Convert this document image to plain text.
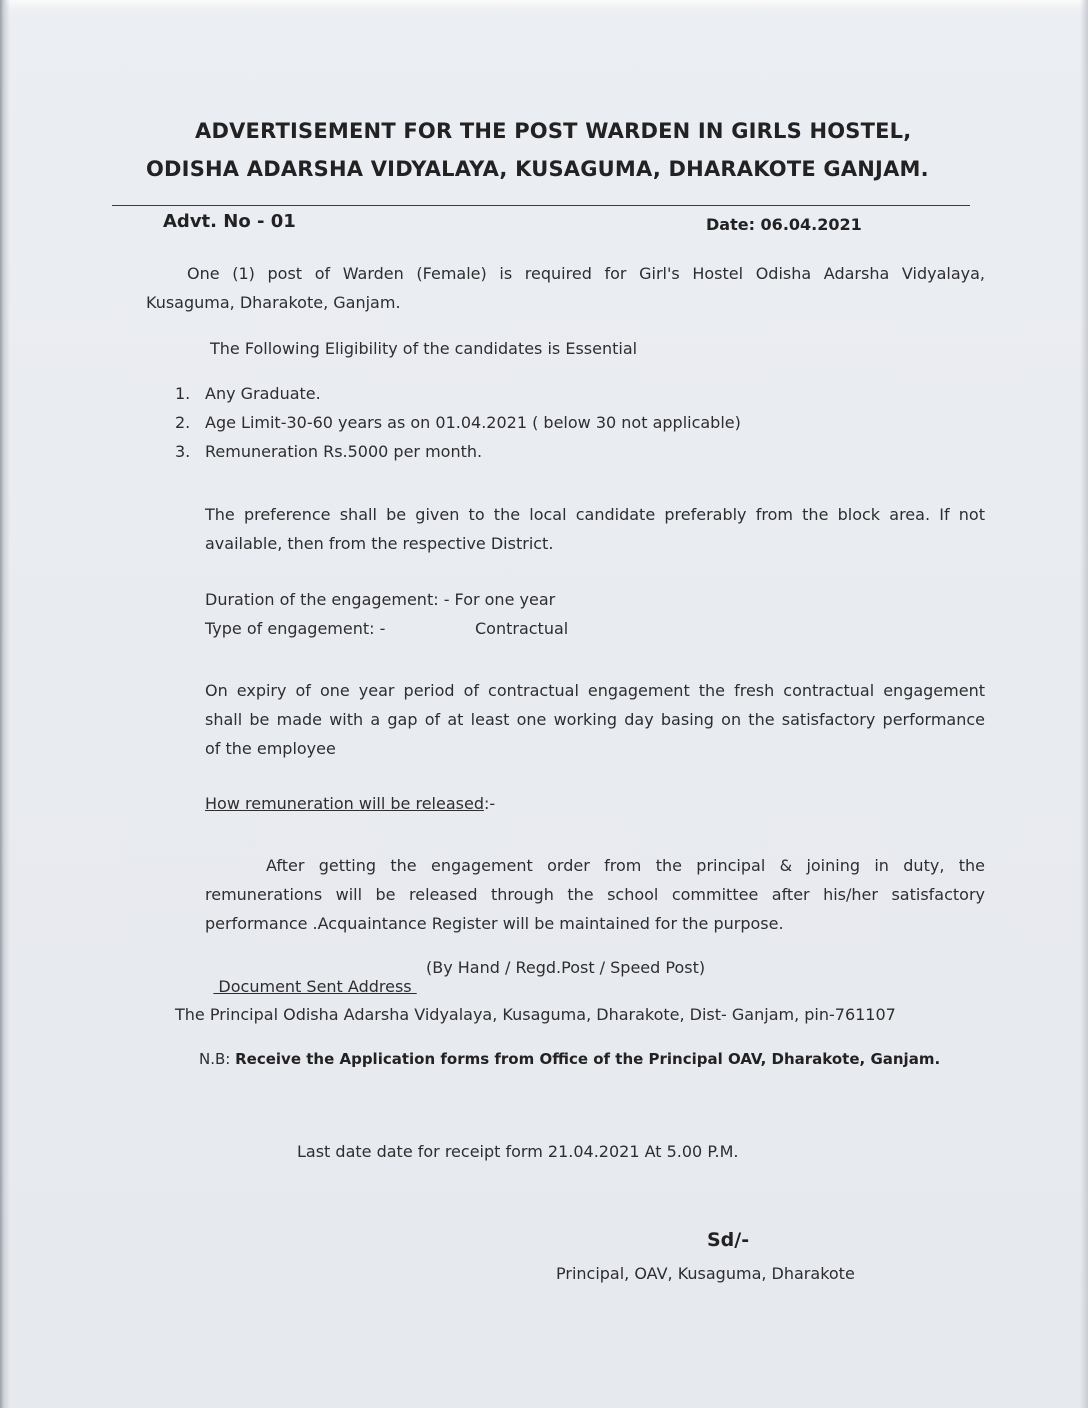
ADVERTISEMENT FOR THE POST WARDEN IN GIRLS HOSTEL,
ODISHA ADARSHA VIDYALAYA, KUSAGUMA, DHARAKOTE GANJAM.
Advt. No - 01	Date: 06.04.2021
One (1) post of Warden (Female) is required for Girl's Hostel Odisha Adarsha Vidyalaya,
Kusaguma, Dharakote, Ganjam.
The Following Eligibility of the candidates is Essential
1. Any Graduate.
2. Age Limit-30-60 years as on 01.04.2021 ( below 30 not applicable)
3. Remuneration Rs.5000 per month.
The preference shall be given to the local candidate preferably from the block area. If not
available, then from the respective District.
Duration of the engagement: - For one year
Type of engagement: -	Contractual
On expiry of one year period of contractual engagement the fresh contractual engagement
shall be made with a gap of at least one working day basing on the satisfactory performance
of the employee
How remuneration will be released:-
After getting the engagement order from the principal & joining in duty, the
remunerations will be released through the school committee after his/her satisfactory
performance .Acquaintance Register will be maintained for the purpose.

Document Sent Address

(By Hand / Regd.Post / Speed Post)
The Principal Odisha Adarsha Vidyalaya, Kusaguma, Dharakote, Dist- Ganjam, pin-761107
N.B: Receive the Application forms from Office of the Principal OAV, Dharakote, Ganjam.
Last date date for receipt form 21.04.2021 At 5.00 P.M.
Sd/-
Principal, OAV, Kusaguma, Dharakote
